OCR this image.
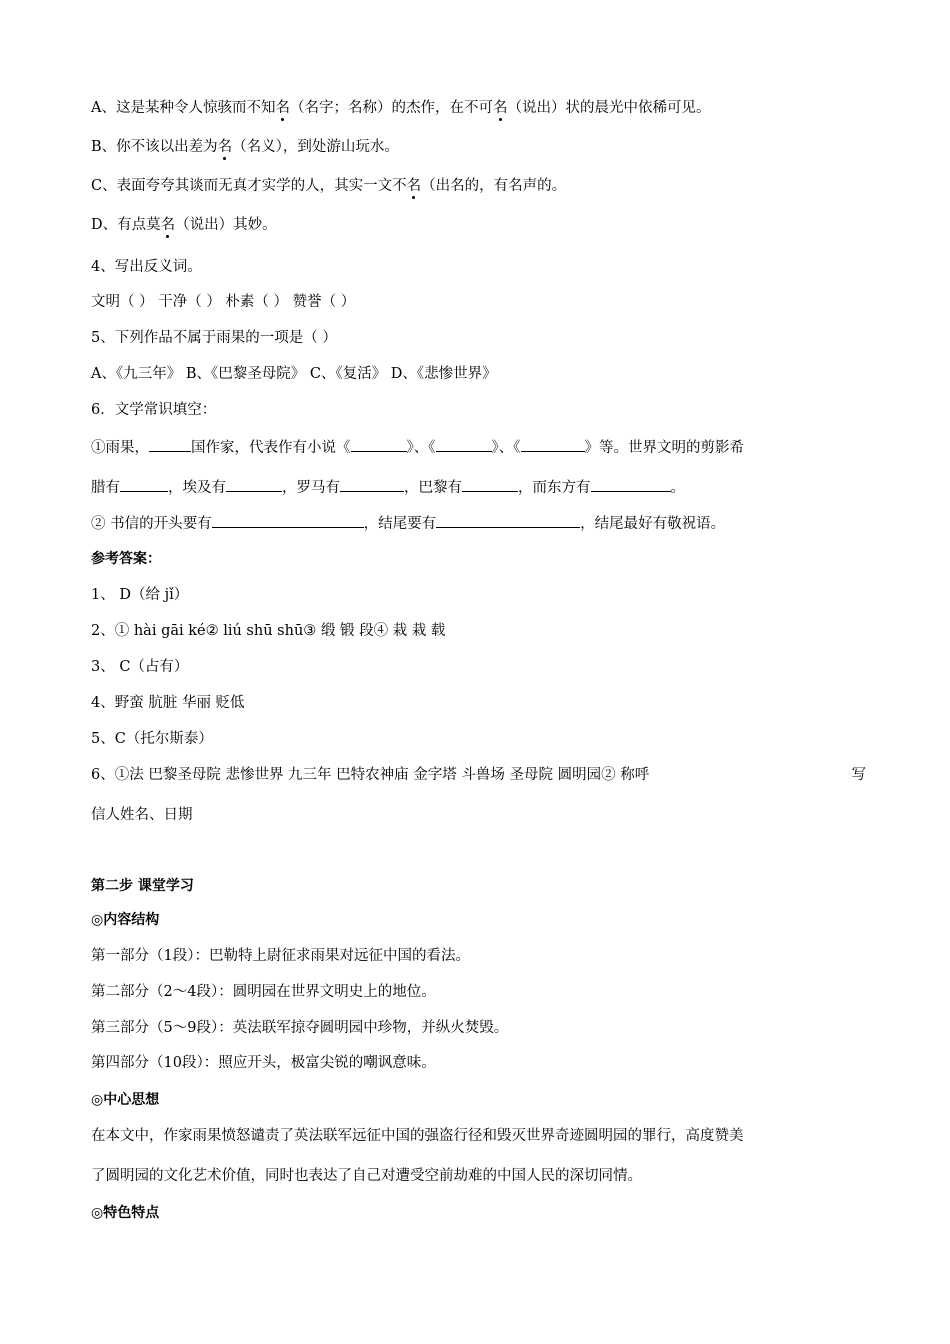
A、这是某种令人惊骇而不知名（名字；名称）的杰作，在不可名（说出）状的晨光中依稀可见。
B、你不该以出差为名（名义），到处游山玩水。
C、表面夸夸其谈而无真才实学的人，其实一文不名（出名的，有名声的。
D、有点莫名（说出）其妙。
4、写出反义词。
文明（ ） 干净（ ） 朴素（ ） 赞誉（ ）
5、下列作品不属于雨果的一项是（ ）
A、《九三年》 B、《巴黎圣母院》 C、《复活》 D、《悲惨世界》
6．文学常识填空：
①雨果，	国作家，代表作有小说《	》、《	》、《	》等。世界文明的剪影希
腊有	，埃及有	，罗马有	，巴黎有	，而东方有	。
② 书信的开头要有	，结尾要有	，结尾最好有敬祝语。
参考答案：
1、 D（给 jǐ）
2、① hài gāi ké② liú shū shū③ 缎 锻 段④ 栽 栽 载
3、 C（占有）
4、野蛮 肮脏 华丽 贬低
5、C（托尔斯泰）
6、①法 巴黎圣母院 悲惨世界 九三年 巴特农神庙 金字塔 斗兽场 圣母院 圆明园② 称呼	写
信人姓名、日期
第二步 课堂学习
◎内容结构
第一部分（1段）：巴勒特上尉征求雨果对远征中国的看法。
第二部分（2～4段）：圆明园在世界文明史上的地位。
第三部分（5～9段）：英法联军掠夺圆明园中珍物，并纵火焚毁。
第四部分（10段）：照应开头，极富尖锐的嘲讽意味。
◎中心思想
在本文中，作家雨果愤怒谴责了英法联军远征中国的强盗行径和毁灭世界奇迹圆明园的罪行，高度赞美
了圆明园的文化艺术价值，同时也表达了自己对遭受空前劫难的中国人民的深切同情。
◎特色特点
